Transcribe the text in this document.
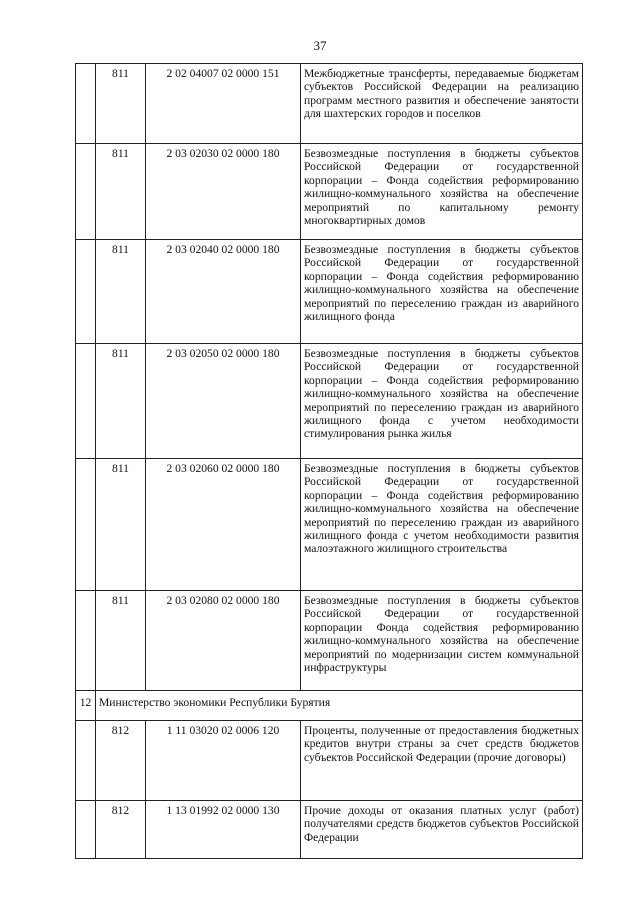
37
	811	2 02 04007 02 0000 151	Межбюджетные трансферты, передаваемые бюджетам субъектов Российской Федерации на реализацию программ местного развития и обеспечение занятости для шахтерских городов и поселков
	811	2 03 02030 02 0000 180	Безвозмездные поступления в бюджеты субъектов Российской Федерации от государственной корпорации – Фонда содействия реформированию жилищно-коммунального хозяйства на обеспечение мероприятий по капитальному ремонту многоквартирных домов
	811	2 03 02040 02 0000 180	Безвозмездные поступления в бюджеты субъектов Российской Федерации от государственной корпорации – Фонда содействия реформированию жилищно-коммунального хозяйства на обеспечение мероприятий по переселению граждан из аварийного жилищного фонда
	811	2 03 02050 02 0000 180	Безвозмездные поступления в бюджеты субъектов Российской Федерации от государственной корпорации – Фонда содействия реформированию жилищно-коммунального хозяйства на обеспечение мероприятий по переселению граждан из аварийного жилищного фонда с учетом необходимости стимулирования рынка жилья
	811	2 03 02060 02 0000 180	Безвозмездные поступления в бюджеты субъектов Российской Федерации от государственной корпорации – Фонда содействия реформированию жилищно-коммунального хозяйства на обеспечение мероприятий по переселению граждан из аварийного жилищного фонда с учетом необходимости развития малоэтажного жилищного строительства
	811	2 03 02080 02 0000 180	Безвозмездные поступления в бюджеты субъектов Российской Федерации от государственной корпорации Фонда содействия реформированию жилищно-коммунального хозяйства на обеспечение мероприятий по модернизации систем коммунальной инфраструктуры
12	Министерство экономики Республики Бурятия		
	812	1 11 03020 02 0006 120	Проценты, полученные от предоставления бюджетных кредитов внутри страны за счет средств бюджетов субъектов Российской Федерации (прочие договоры)
	812	1 13 01992 02 0000 130	Прочие доходы от оказания платных услуг (работ) получателями средств бюджетов субъектов Российской Федерации
